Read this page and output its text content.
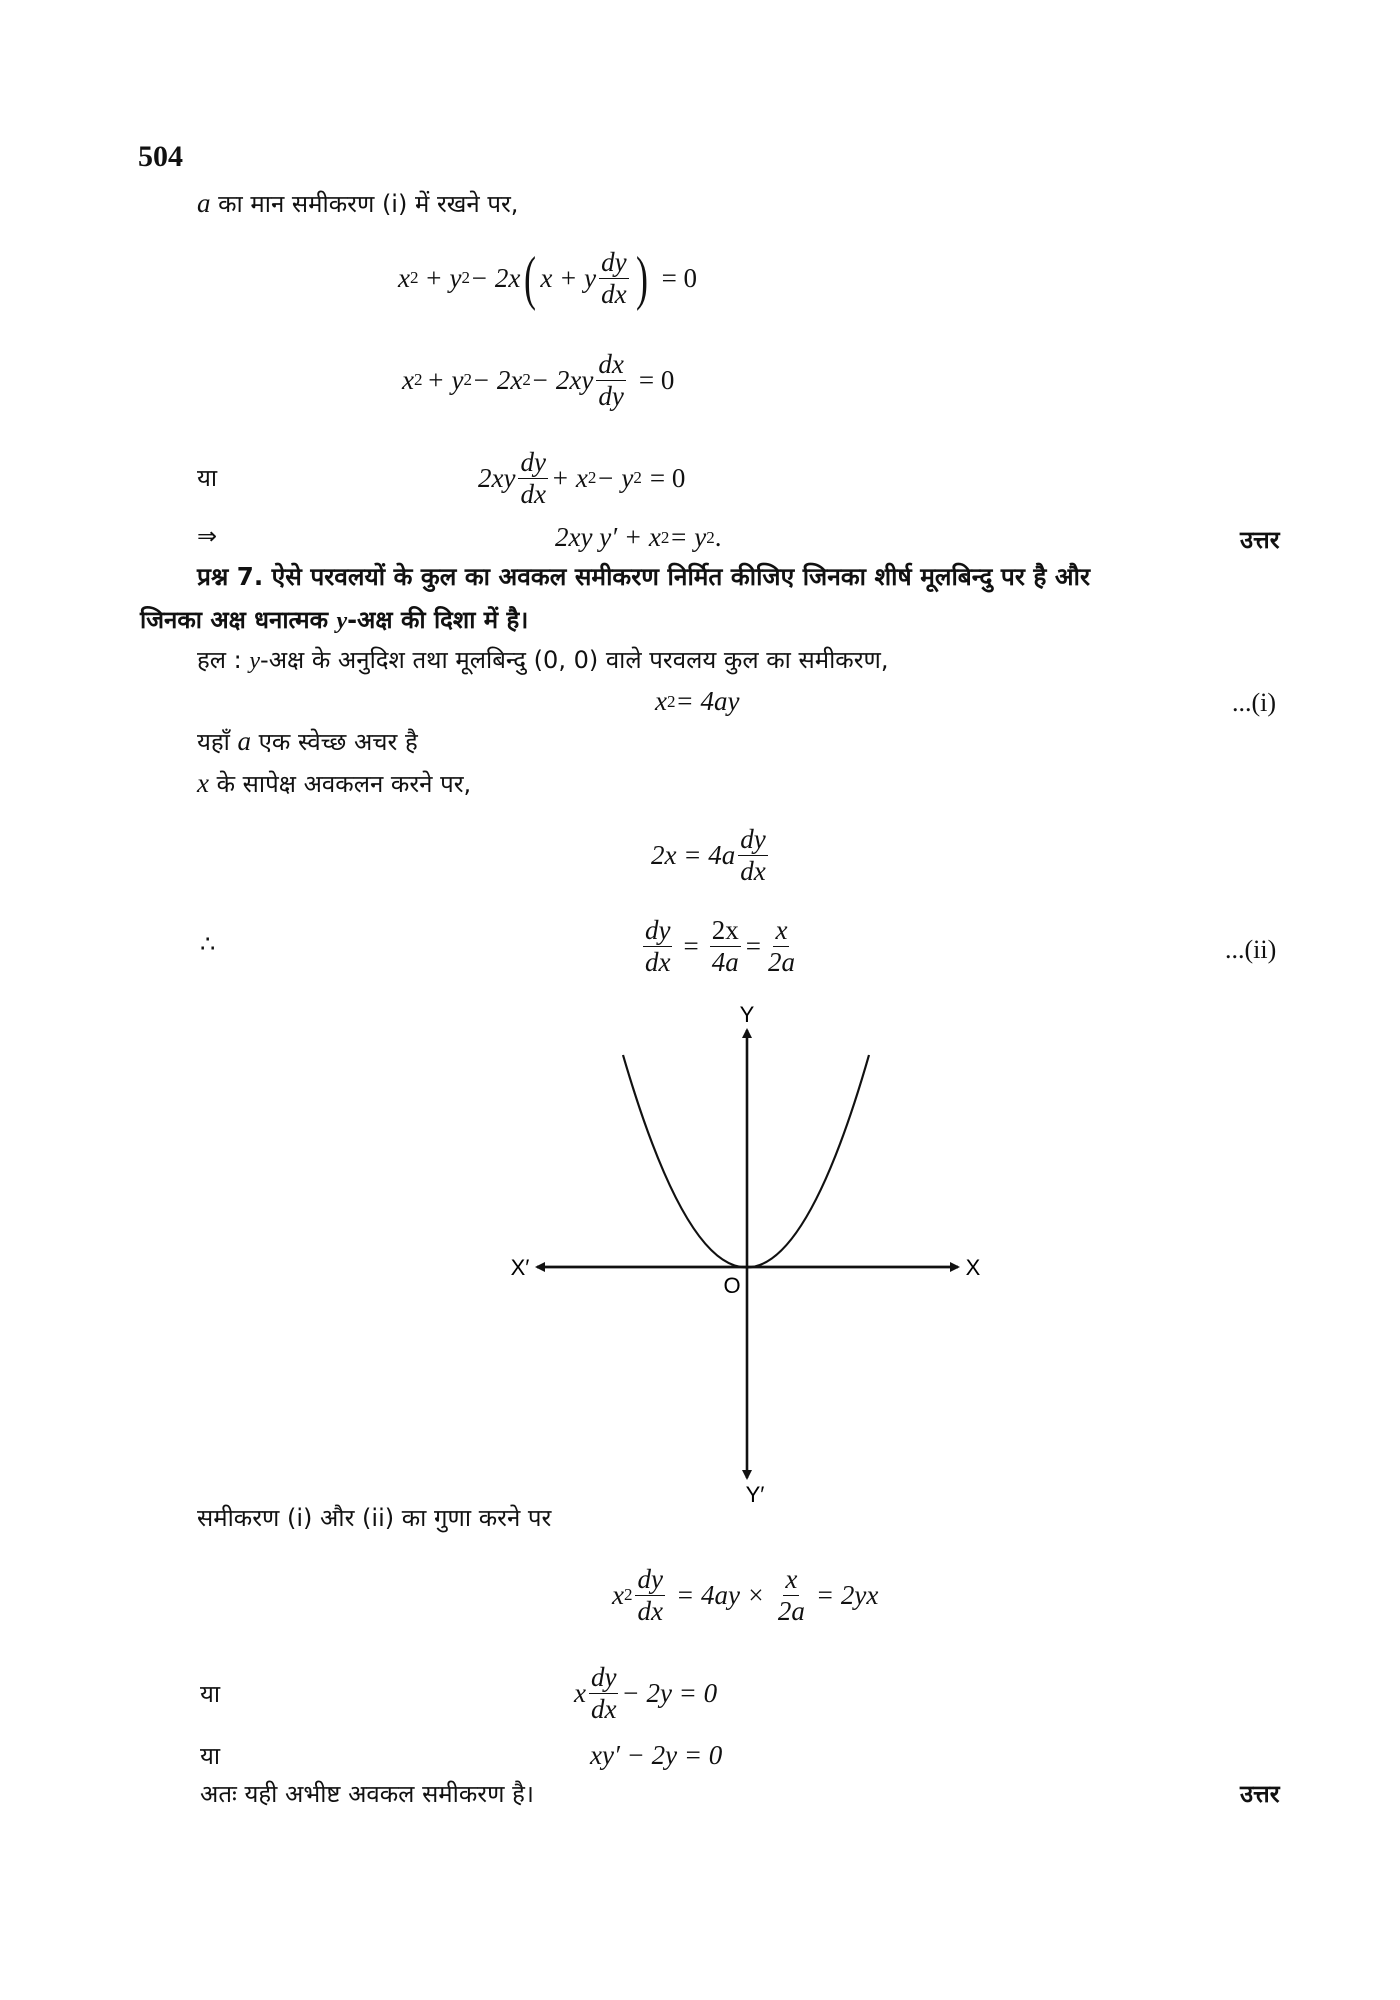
504
a का मान समीकरण (i) में रखने पर,
x 2 + y 2 − 2x ( x + y $\frac{dy}{dx}$ ) = 0
x 2 + y 2 − 2x $2 - 2xy \frac{dx}{dy} = 0$
या	$2xy \frac{dy}{dx} + x$ 2 − y 2 = 0
⇒	2xy y′ + x 2 = y 2 .	उत्तर
प्रश्न 7. ऐसे परवलयों के कुल का अवकल समीकरण निर्मित कीजिए जिनका शीर्ष मूलबिन्दु पर है और
जिनका अक्ष धनात्मक y-अक्ष की दिशा में है।
हल : y-अक्ष के अनुदिश तथा मूलबिन्दु (0, 0) वाले परवलय कुल का समीकरण,
x 2 = 4ay	...(i)
यहाँ a एक स्वेच्छ अचर है
x के सापेक्ष अवकलन करने पर,
$2x = 4a \frac{dy}{dx}$
∴	$\frac{dy}{dx} = \frac{2x}{4a} = \frac{x}{2a}$	...(ii)
Y
Y′
X
X′
O
समीकरण (i) और (ii) का गुणा करने पर
x $2 \frac{dy}{dx} = 4ay \times \frac{x}{2a} = 2yx$
या	x $\frac{dy}{dx} - 2y = 0$
या	xy′ − 2y = 0
अतः यही अभीष्ट अवकल समीकरण है।	उत्तर
